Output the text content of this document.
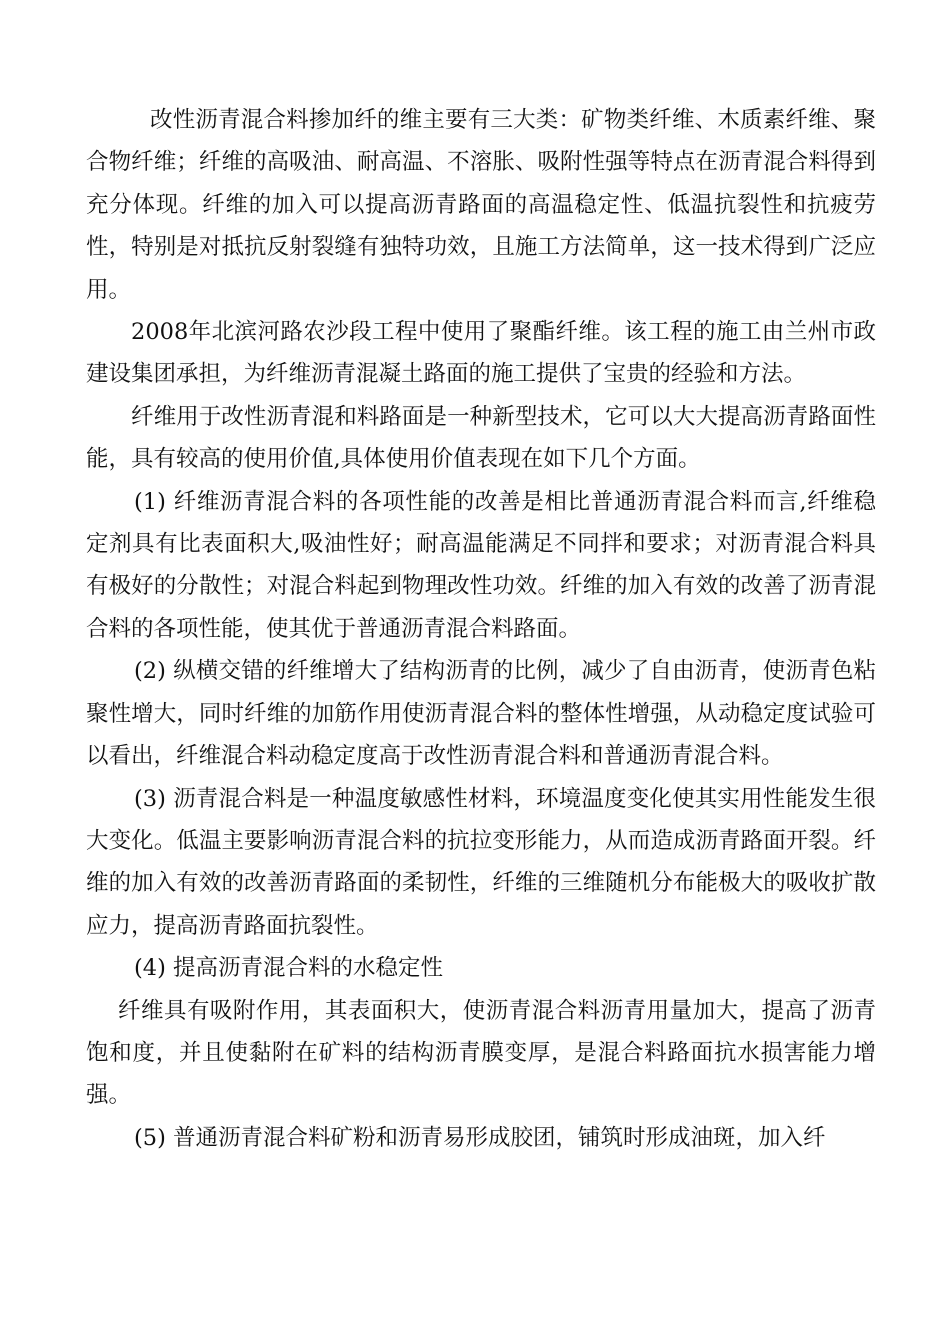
改性沥青混合料掺加纤的维主要有三大类：矿物类纤维、木质素纤维、聚合物纤维；纤维的高吸油、耐高温、不溶胀、吸附性强等特点在沥青混合料得到充分体现。纤维的加入可以提高沥青路面的高温稳定性、低温抗裂性和抗疲劳性，特别是对抵抗反射裂缝有独特功效，且施工方法简单，这一技术得到广泛应用。

2008年北滨河路农沙段工程中使用了聚酯纤维。该工程的施工由兰州市政建设集团承担，为纤维沥青混凝土路面的施工提供了宝贵的经验和方法。

纤维用于改性沥青混和料路面是一种新型技术，它可以大大提高沥青路面性能，具有较高的使用价值,具体使用价值表现在如下几个方面。

(1) 纤维沥青混合料的各项性能的改善是相比普通沥青混合料而言,纤维稳定剂具有比表面积大,吸油性好；耐高温能满足不同拌和要求；对沥青混合料具有极好的分散性；对混合料起到物理改性功效。纤维的加入有效的改善了沥青混合料的各项性能，使其优于普通沥青混合料路面。

(2) 纵横交错的纤维增大了结构沥青的比例，减少了自由沥青，使沥青色粘聚性增大，同时纤维的加筋作用使沥青混合料的整体性增强，从动稳定度试验可以看出，纤维混合料动稳定度高于改性沥青混合料和普通沥青混合料。

(3) 沥青混合料是一种温度敏感性材料，环境温度变化使其实用性能发生很大变化。低温主要影响沥青混合料的抗拉变形能力，从而造成沥青路面开裂。纤维的加入有效的改善沥青路面的柔韧性，纤维的三维随机分布能极大的吸收扩散应力，提高沥青路面抗裂性。

(4) 提高沥青混合料的水稳定性

纤维具有吸附作用，其表面积大，使沥青混合料沥青用量加大，提高了沥青饱和度，并且使黏附在矿料的结构沥青膜变厚，是混合料路面抗水损害能力增强。

(5) 普通沥青混合料矿粉和沥青易形成胶团，铺筑时形成油斑，加入纤
